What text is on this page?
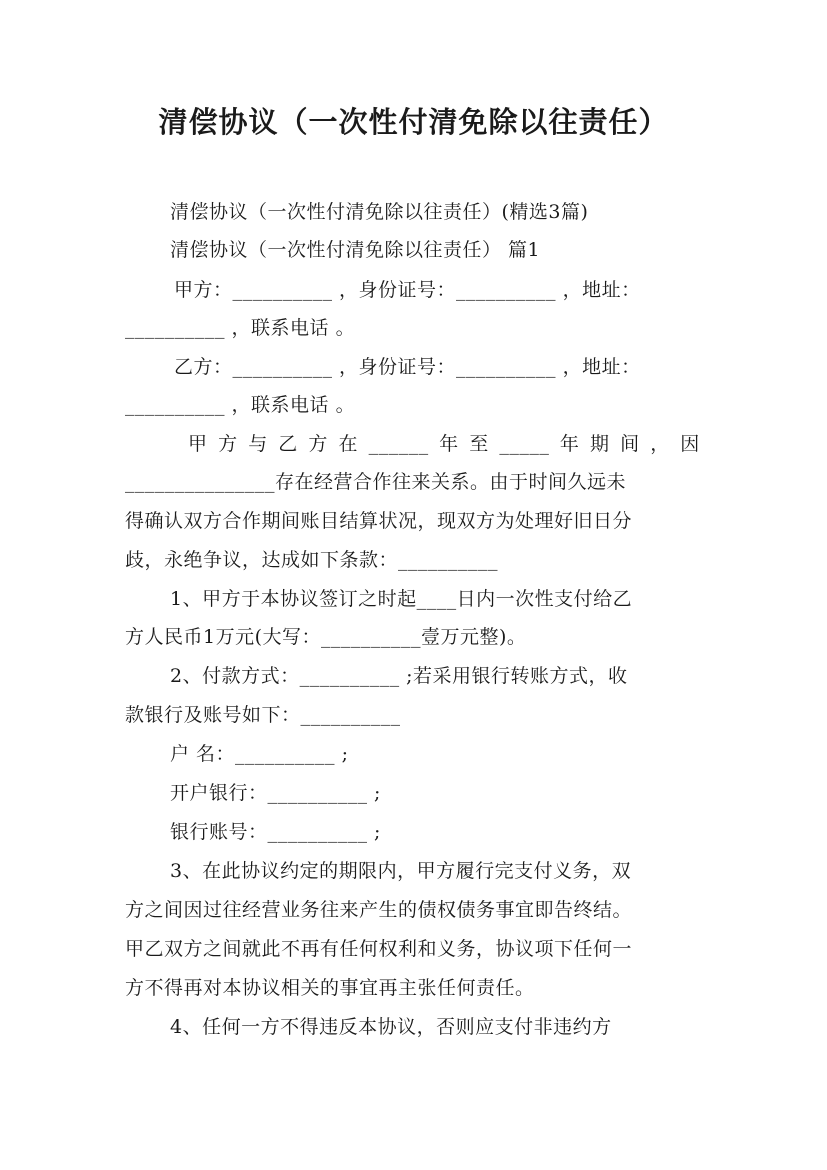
清偿协议（一次性付清免除以往责任）
清偿协议（一次性付清免除以往责任）(精选3篇)
清偿协议（一次性付清免除以往责任） 篇1
甲方：__________ ，身份证号：__________ ，地址：
__________ ，联系电话 。
乙方：__________ ，身份证号：__________ ，地址：
__________ ，联系电话 。
甲 方 与 乙 方 在 ______ 年 至 _____ 年 期 间 ， 因
_______________存在经营合作往来关系。由于时间久远未
得确认双方合作期间账目结算状况，现双方为处理好旧日分
歧，永绝争议，达成如下条款：__________
1、甲方于本协议签订之时起____日内一次性支付给乙
方人民币1万元(大写：__________壹万元整)。
2、付款方式：__________ ;若采用银行转账方式，收
款银行及账号如下：__________
户 名：__________ ;
开户银行：__________ ;
银行账号：__________ ;
3、在此协议约定的期限内，甲方履行完支付义务，双
方之间因过往经营业务往来产生的债权债务事宜即告终结。
甲乙双方之间就此不再有任何权利和义务，协议项下任何一
方不得再对本协议相关的事宜再主张任何责任。
4、任何一方不得违反本协议，否则应支付非违约方
